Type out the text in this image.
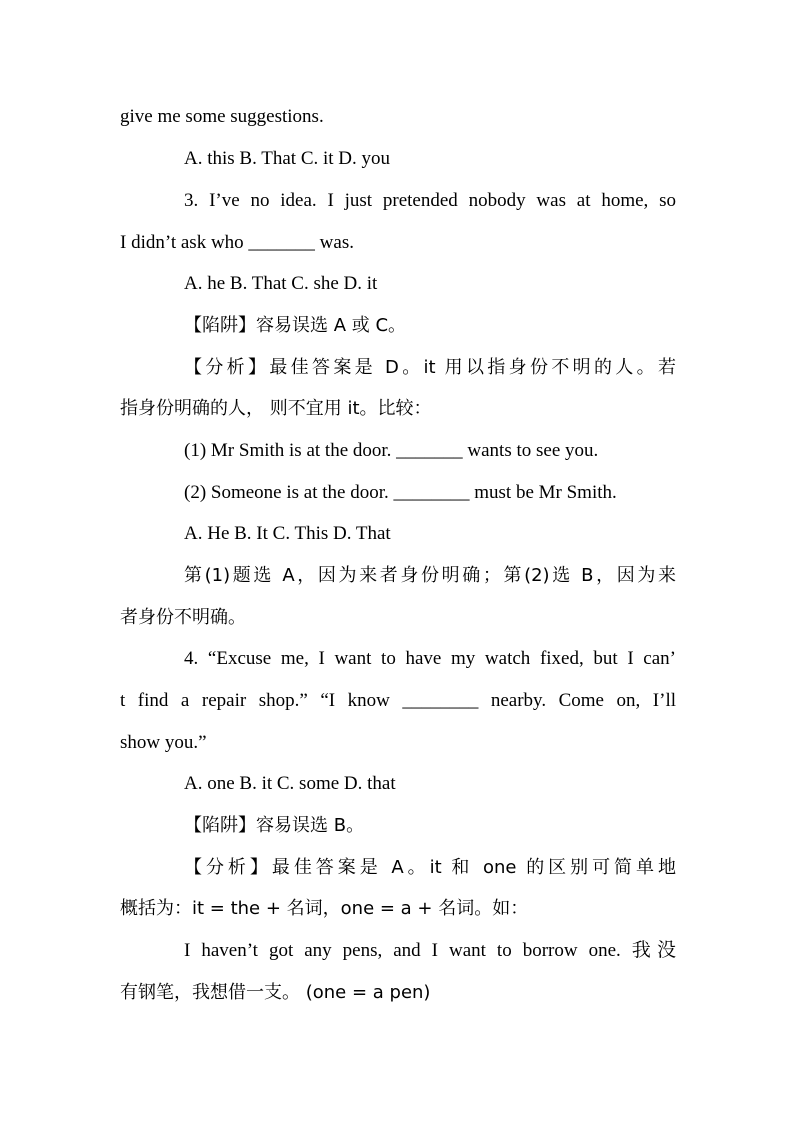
give me some suggestions.
A. this B. That C. it D. you
3. I’ve no idea. I just pretended nobody was at home, so
I didn’t ask who _______ was.
A. he B. That C. she D. it
【陷阱】容易误选 A 或 C。
【分析】最佳答案是 D。it 用以指身份不明的人。若
指身份明确的人， 则不宜用 it。比较：
(1) Mr Smith is at the door. _______ wants to see you.
(2) Someone is at the door. ________ must be Mr Smith.
A. He B. It C. This D. That
第(1)题选 A，因为来者身份明确；第(2)选 B，因为来
者身份不明确。
4. “Excuse me, I want to have my watch fixed, but I can’
t find a repair shop.” “I know ________ nearby. Come on, I’ll
show you.”
A. one B. it C. some D. that
【陷阱】容易误选 B。
【分析】最佳答案是 A。it 和 one 的区别可简单地
概括为：it = the + 名词，one = a + 名词。如：
I haven’t got any pens, and I want to borrow one. 我没
有钢笔，我想借一支。 (one = a pen)
